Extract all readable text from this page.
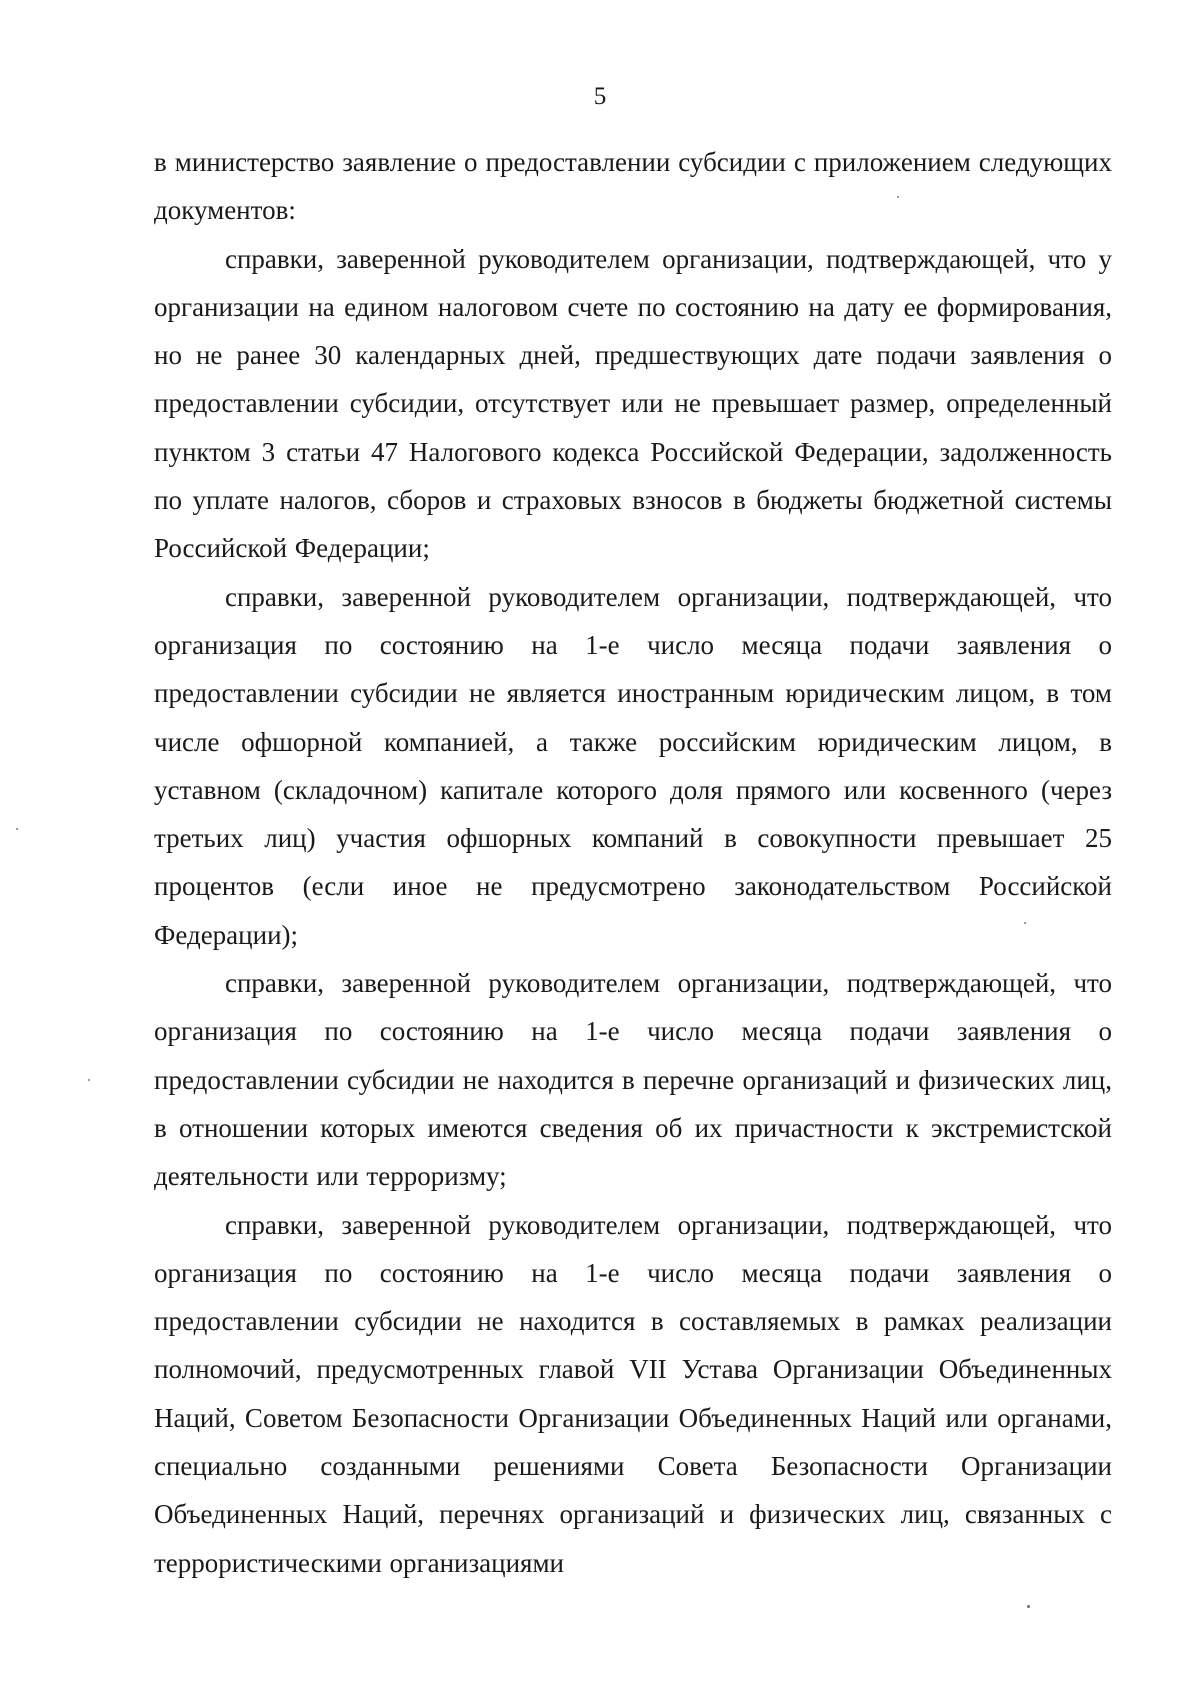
5

в министерство заявление о предоставлении субсидии с приложением следующих документов:

справки, заверенной руководителем организации, подтверждающей, что у организации на едином налоговом счете по состоянию на дату ее формирования, но не ранее 30 календарных дней, предшествующих дате подачи заявления о предоставлении субсидии, отсутствует или не превышает размер, определенный пунктом 3 статьи 47 Налогового кодекса Российской Федерации, задолженность по уплате налогов, сборов и страховых взносов в бюджеты бюджетной системы Российской Федерации;

справки, заверенной руководителем организации, подтверждающей, что организация по состоянию на 1-е число месяца подачи заявления о предоставлении субсидии не является иностранным юридическим лицом, в том числе офшорной компанией, а также российским юридическим лицом, в уставном (складочном) капитале которого доля прямого или косвенного (через третьих лиц) участия офшорных компаний в совокупности превышает 25 процентов (если иное не предусмотрено законодательством Российской Федерации);

справки, заверенной руководителем организации, подтверждающей, что организация по состоянию на 1-е число месяца подачи заявления о предоставлении субсидии не находится в перечне организаций и физических лиц, в отношении которых имеются сведения об их причастности к экстремистской деятельности или терроризму;

справки, заверенной руководителем организации, подтверждающей, что организация по состоянию на 1-е число месяца подачи заявления о предоставлении субсидии не находится в составляемых в рамках реализации полномочий, предусмотренных главой VII Устава Организации Объединенных Наций, Советом Безопасности Организации Объединенных Наций или органами, специально созданными решениями Совета Безопасности Организации Объединенных Наций, перечнях организаций и физических лиц, связанных с террористическими организациями
